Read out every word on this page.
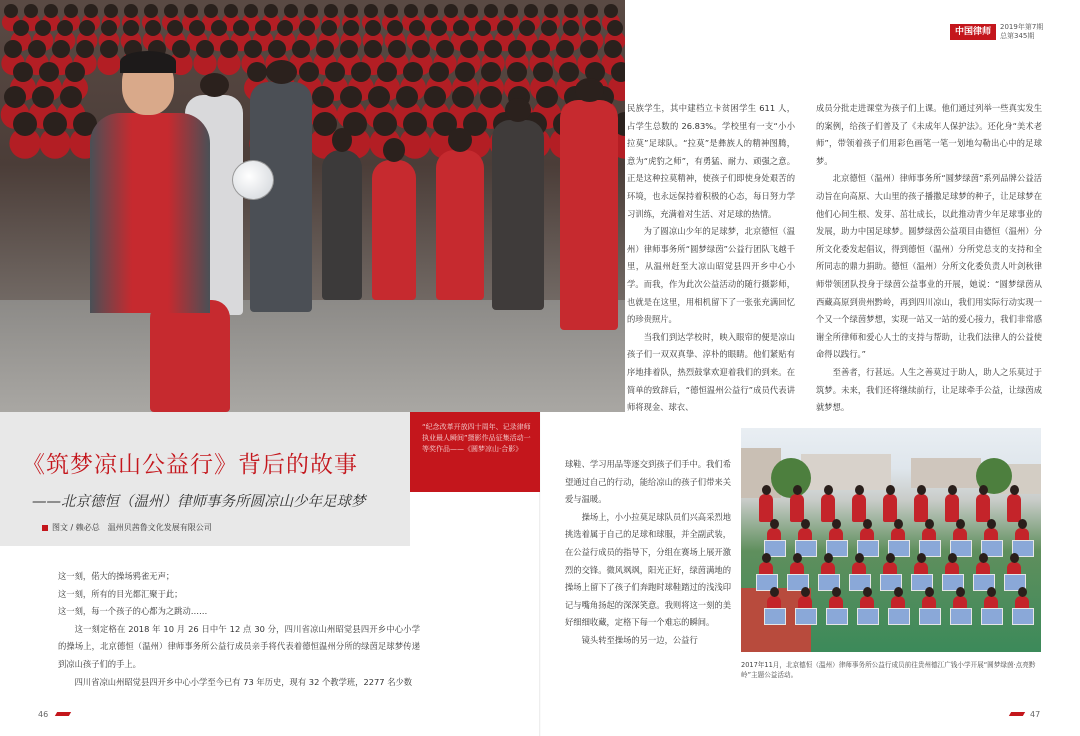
《筑梦凉山公益行》背后的故事
——北京德恒（温州）律师事务所圆凉山少年足球梦
图文 / 赖必总　温州贝茜鲁文化发展有限公司

“纪念改革开放四十周年、记录律师执业最人瞬间”摄影作品征集活动一等奖作品——《圆梦凉山·合影》

这一刻，偌大的操场鸦雀无声；

这一刻，所有的目光都汇聚于此；

这一刻，每一个孩子的心都为之跳动……

这一刻定格在 2018 年 10 月 26 日中午 12 点 30 分，四川省凉山州昭觉县四开乡中心小学的操场上，北京德恒（温州）律师事务所公益行成员亲手将代表着德恒温州分所的绿茵足球梦传递到凉山孩子们的手上。

四川省凉山州昭觉县四开乡中心小学至今已有 73 年历史，现有 32 个教学班，2277 名少数

民族学生，其中建档立卡贫困学生 611 人，占学生总数的 26.83%。学校里有一支“小小拉莫”足球队。“拉莫”是彝族人的精神图腾，意为“虎豹之师”，有勇猛、耐力、顽强之意。正是这种拉莫精神，使孩子们即使身处艰苦的环境，也永远保持着积极的心态，每日努力学习训练，充满着对生活、对足球的热情。

为了圆凉山少年的足球梦，北京德恒（温州）律师事务所“圆梦绿茵”公益行团队飞越千里，从温州赶至大凉山昭觉县四开乡中心小学。而我，作为此次公益活动的随行摄影师，也就是在这里，用相机留下了一张张充满回忆的珍贵照片。

当我们到达学校时，映入眼帘的便是凉山孩子们一双双真挚、淳朴的眼睛。他们紧贴有序地排着队，热烈鼓掌欢迎着我们的到来。在简单的致辞后，“德恒温州公益行”成员代表讲师将现金、球衣、

球鞋、学习用品等逐交到孩子们手中。我们希望通过自己的行动，能给凉山的孩子们带来关爱与温暖。

操场上，小小拉莫足球队员们兴高采烈地挑选着属于自己的足球和球服，并全副武装，在公益行成员的指导下，分组在赛场上展开激烈的交锋。微风飒飒，阳光正好，绿茵满地的操场上留下了孩子们奔跑时球鞋踏过的浅浅印记与嘴角扬起的深深笑意。我则将这一刻的美好细细收藏，定格下每一个难忘的瞬间。

镜头转至操场的另一边，公益行

成员分批走进课堂为孩子们上课。他们通过列举一些真实发生的案例，给孩子们普及了《未成年人保护法》。还化身“美术老师”，带领着孩子们用彩色画笔一笔一划地勾勒出心中的足球梦。

北京德恒（温州）律师事务所“圆梦绿茵”系列品牌公益活动旨在向高原、大山里的孩子播撒足球梦的种子，让足球梦在他们心间生根、发芽、茁壮成长，以此推动青少年足球事业的发展，助力中国足球梦。圆梦绿茵公益项目由德恒（温州）分所文化委发起倡议，得到德恒（温州）分所党总支的支持和全所同志的鼎力捐助。德恒（温州）分所文化委负责人叶剑秋律师带领团队投身于绿茵公益事业的开展，她说：“圆梦绿茵从西藏高原到贵州黔岭，再到四川凉山，我们用实际行动实现一个又一个绿茵梦想，实现一站又一站的爱心接力，我们非常感谢全所律师和爱心人士的支持与帮助，让我们法律人的公益使命得以践行。”

至善者，行甚远。人生之善莫过于助人，助人之乐莫过于筑梦。未来，我们还将继续前行，让足球牵手公益，让绿茵成就梦想。

中国律师	2019年第7期
总第345期
2017年11月，北京德恒（温州）律师事务所公益行成员前往贵州德江广钱小学开展“圆梦绿茵·点亮黔岭”主题公益活动。
46	47
